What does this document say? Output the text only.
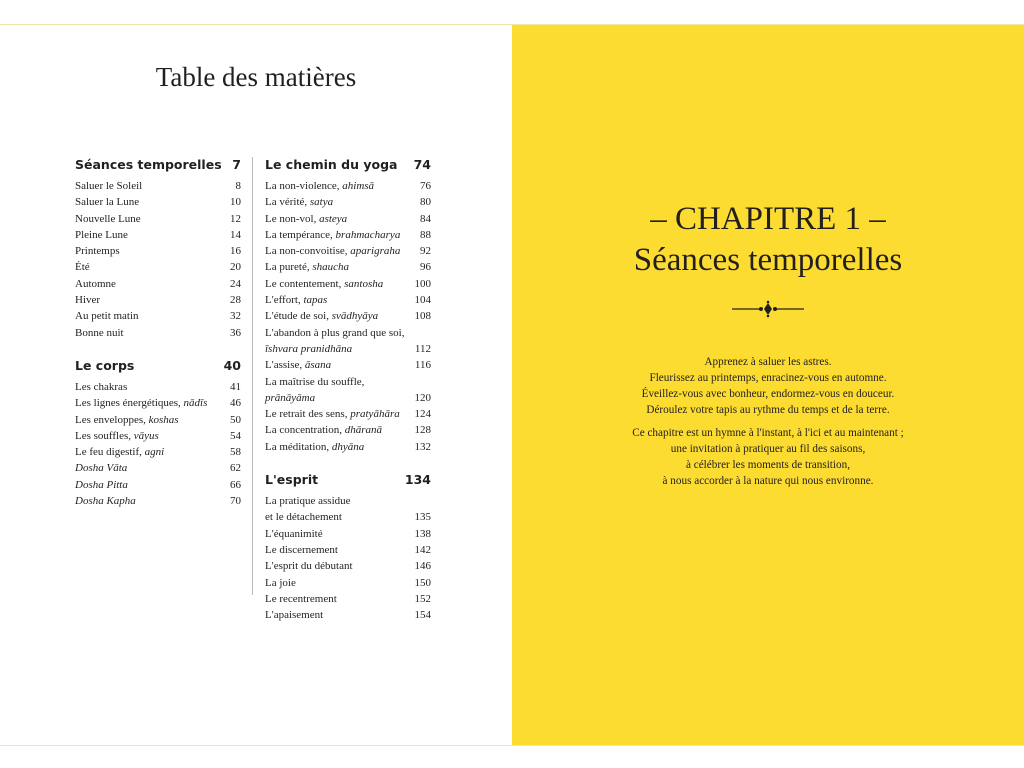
Table des matières
Séances temporelles 7
Saluer le Soleil	8
Saluer la Lune	10
Nouvelle Lune	12
Pleine Lune	14
Printemps	16
Été	20
Automne	24
Hiver	28
Au petit matin	32
Bonne nuit	36
Le corps	40
Les chakras	41
Les lignes énergétiques, nādīs	46
Les enveloppes, koshas	50
Les souffles, vāyus	54
Le feu digestif, agni	58
Dosha Vāta	62
Dosha Pitta	66
Dosha Kapha	70
Le chemin du yoga 74
La non-violence, ahimsā	76
La vérité, satya	80
Le non-vol, asteya	84
La tempérance, brahmacharya	88
La non-convoitise, aparigraha	92
La pureté, shaucha	96
Le contentement, santosha	100
L'effort, tapas	104
L'étude de soi, svādhyāya	108
L'abandon à plus grand que soi,
īshvara pranidhāna	112
L'assise, āsana	116
La maîtrise du souffle,
prānāyāma	120
Le retrait des sens, pratyāhāra	124
La concentration, dhāranā	128
La méditation, dhyāna	132
L'esprit	134
La pratique assidue
et le détachement	135
L'équanimité	138
Le discernement	142
L'esprit du débutant	146
La joie	150
Le recentrement	152
L'apaisement	154
– CHAPITRE 1 –
Séances temporelles

Apprenez à saluer les astres.

Fleurissez au printemps, enracinez-vous en automne.

Éveillez-vous avec bonheur, endormez-vous en douceur.

Déroulez votre tapis au rythme du temps et de la terre.

Ce chapitre est un hymne à l'instant, à l'ici et au maintenant ;

une invitation à pratiquer au fil des saisons,

à célébrer les moments de transition,

à nous accorder à la nature qui nous environne.
